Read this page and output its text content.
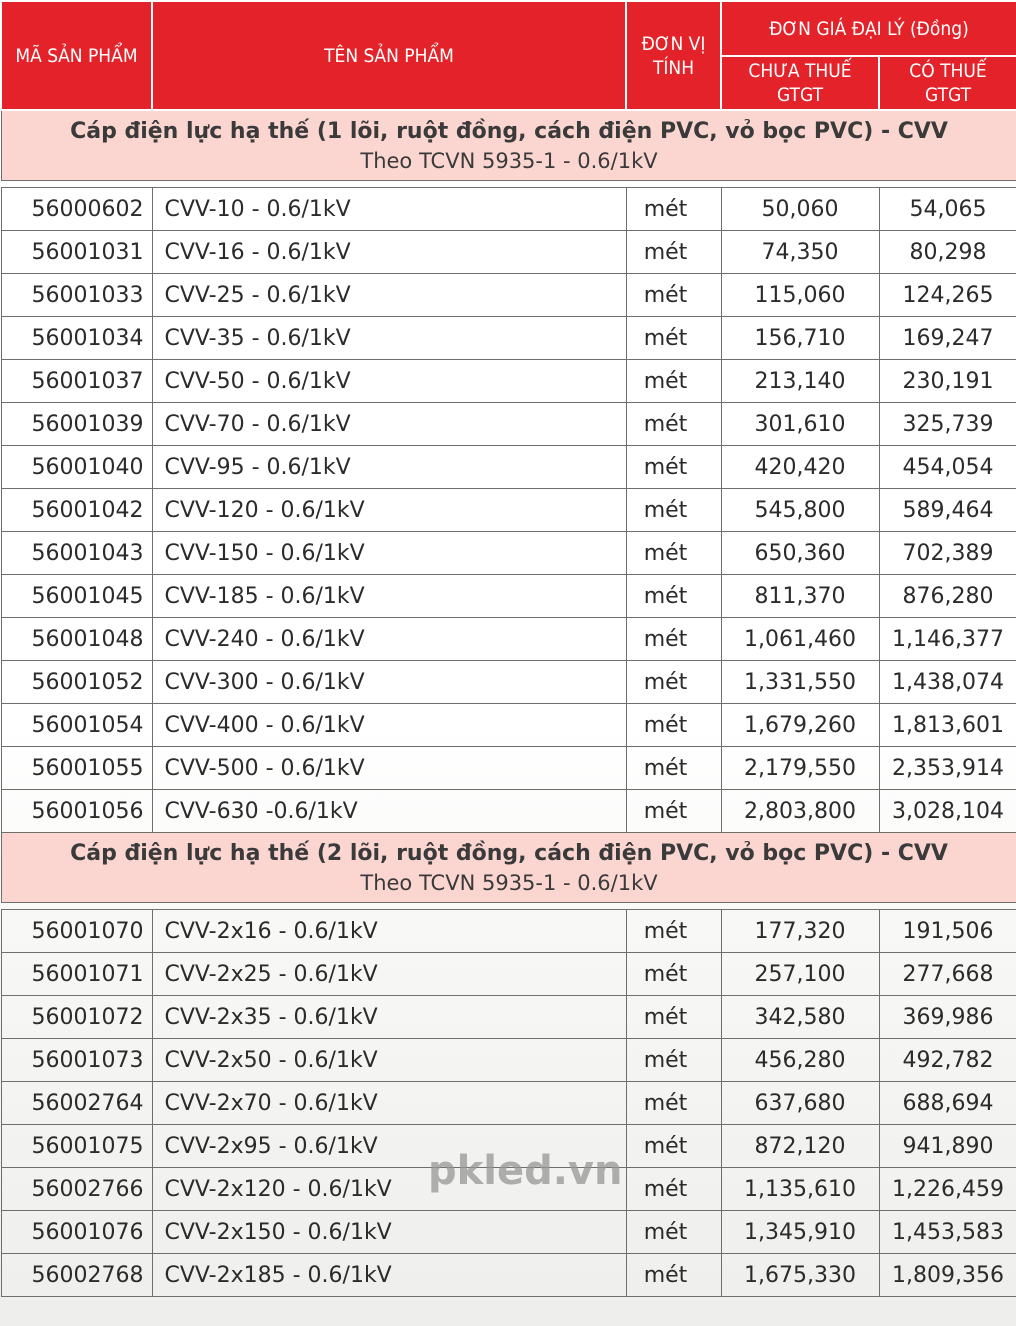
MÃ SẢN PHẨM	TÊN SẢN PHẨM	ĐƠN VỊ TÍNH	ĐƠN GIÁ ĐẠI LÝ (Đồng)	
			CHƯA THUẾ GTGT	CÓ THUẾ GTGT

Cáp điện lực hạ thế (1 lõi, ruột đồng, cách điện PVC, vỏ bọc PVC) - CVV
Theo TCVN 5935-1 - 0.6/1kV				

56000602	CVV-10 - 0.6/1kV	mét	50,060	54,065
56001031	CVV-16 - 0.6/1kV	mét	74,350	80,298
56001033	CVV-25 - 0.6/1kV	mét	115,060	124,265
56001034	CVV-35 - 0.6/1kV	mét	156,710	169,247
56001037	CVV-50 - 0.6/1kV	mét	213,140	230,191
56001039	CVV-70 - 0.6/1kV	mét	301,610	325,739
56001040	CVV-95 - 0.6/1kV	mét	420,420	454,054
56001042	CVV-120 - 0.6/1kV	mét	545,800	589,464
56001043	CVV-150 - 0.6/1kV	mét	650,360	702,389
56001045	CVV-185 - 0.6/1kV	mét	811,370	876,280
56001048	CVV-240 - 0.6/1kV	mét	1,061,460	1,146,377
56001052	CVV-300 - 0.6/1kV	mét	1,331,550	1,438,074
56001054	CVV-400 - 0.6/1kV	mét	1,679,260	1,813,601
56001055	CVV-500 - 0.6/1kV	mét	2,179,550	2,353,914
56001056	CVV-630 -0.6/1kV	mét	2,803,800	3,028,104

Cáp điện lực hạ thế (2 lõi, ruột đồng, cách điện PVC, vỏ bọc PVC) - CVV
Theo TCVN 5935-1 - 0.6/1kV				

56001070	CVV-2x16 - 0.6/1kV	mét	177,320	191,506
56001071	CVV-2x25 - 0.6/1kV	mét	257,100	277,668
56001072	CVV-2x35 - 0.6/1kV	mét	342,580	369,986
56001073	CVV-2x50 - 0.6/1kV	mét	456,280	492,782
56002764	CVV-2x70 - 0.6/1kV	mét	637,680	688,694
56001075	CVV-2x95 - 0.6/1kV	mét	872,120	941,890
56002766	CVV-2x120 - 0.6/1kV	mét	1,135,610	1,226,459
56001076	CVV-2x150 - 0.6/1kV	mét	1,345,910	1,453,583
56002768	CVV-2x185 - 0.6/1kV	mét	1,675,330	1,809,356
pkled.vn
